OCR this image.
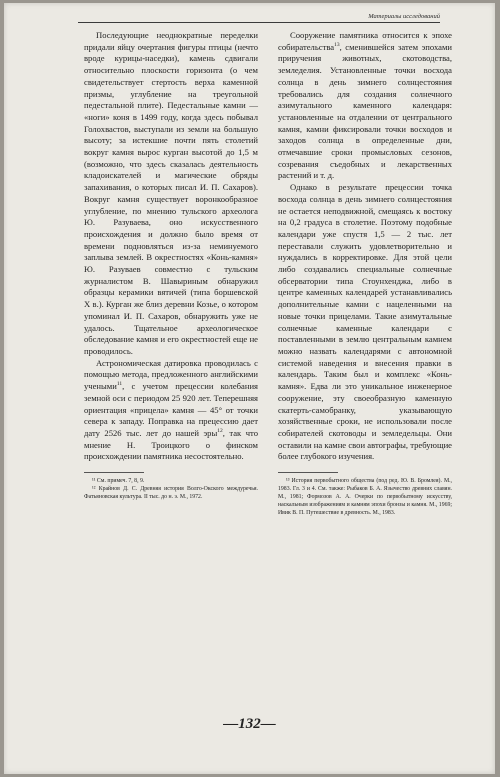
Материалы исследований

Последующие неоднократные переделки придали яйцу очертания фигуры птицы (нечто вроде курицы-наседки), камень сдвигали относительно плоскости горизонта (о чем свидетельствует стертость верха каменной призмы, углубление на треугольной педестальной плите). Педестальные камни — «ноги» коня в 1499 году, когда здесь побывал Голохвастов, выступали из земли на большую высоту; за истекшие почти пять столетий вокруг камня вырос курган высотой до 1,5 м (возможно, что здесь сказалась деятельность кладоискателей и магические обряды запахивания, о которых писал И. П. Сахаров). Вокруг камня существует воронкообразное углубление, по мнению тульского археолога Ю. Разуваева, оно искусственного происхождения и должно было время от времени подновляться из-за неминуемого заплыва землей. В окрестностях «Конь-камня» Ю. Разуваев совместно с тульским журналистом В. Шавыриным обнаружил образцы керамики вятичей (типа боршевской X в.). Курган же близ деревни Козье, о котором упоминал И. П. Сахаров, обнаружить уже не удалось. Тщательное археологическое обследование камня и его окрестностей еще не проводилось.

Астрономическая датировка проводилась с помощью метода, предложенного английскими учеными$^{11}$, с учетом прецессии колебания земной оси с периодом 25 920 лет. Теперешняя ориентация «прицела» камня — 45° от точки севера к западу. Поправка на прецессию дает дату 2526 тыс. лет до нашей эры$^{12}$, так что мнение Н. Троицкого о финском происхождении памятника несостоятельно.

¹¹ См. примеч. 7, 8, 9.

¹² Крайнов Д. С. Древняя история Волго-Окского междуречья. Фатьяновская культура. II тыс. до н. э. М., 1972.

Сооружение памятника относится к эпохе собирательства$^{13}$, сменившейся затем эпохами приручения животных, скотоводства, земледелия. Установленные точки восхода солнца в день зимнего солнцестояния требовались для создания солнечного азимутального каменного календаря: установленные на отдалении от центрального камня, камни фиксировали точки восходов и заходов солнца в определенные дни, отмечавшие сроки промысловых сезонов, созревания съедобных и лекарственных растений и т. д.

Однако в результате прецессии точка восхода солнца в день зимнего солнцестояния не остается неподвижной, смещаясь к востоку на 0,2 градуса в столетие. Поэтому подобные календари уже спустя 1,5 — 2 тыс. лет переставали служить удовлетворительно и нуждались в корректировке. Для этой цели либо создавались специальные солнечные обсерватории типа Стоунхенджа, либо в центре каменных календарей устанавливались дополнительные камни с нацеленными на новые точки прицелами. Такие азимутальные солнечные каменные календари с поставленными в землю центральным камнем можно назвать календарями с автономной системой наведения и внесения правки в календарь. Таким был и комплекс «Конь-камня». Едва ли это уникальное инженерное сооружение, эту своеобразную каменную скатерть-самобранку, указывающую хозяйственные сроки, не использовали после собирателей скотоводы и земледельцы. Они оставили на камне свои автографы, требующие более глубокого изучения.

¹³ История первобытного общества (под ред. Ю. В. Бромлея). М., 1983. Гл. 3 и 4. См. также: Рыбаков Б. А. Язычество древних славян. М., 1981; Формозов А. А. Очерки по первобытному искусству, наскальным изображениям и камням эпохи бронзы и камня. М., 1969; Ивик В. П. Путешествие в древность. М., 1983.

—132—
